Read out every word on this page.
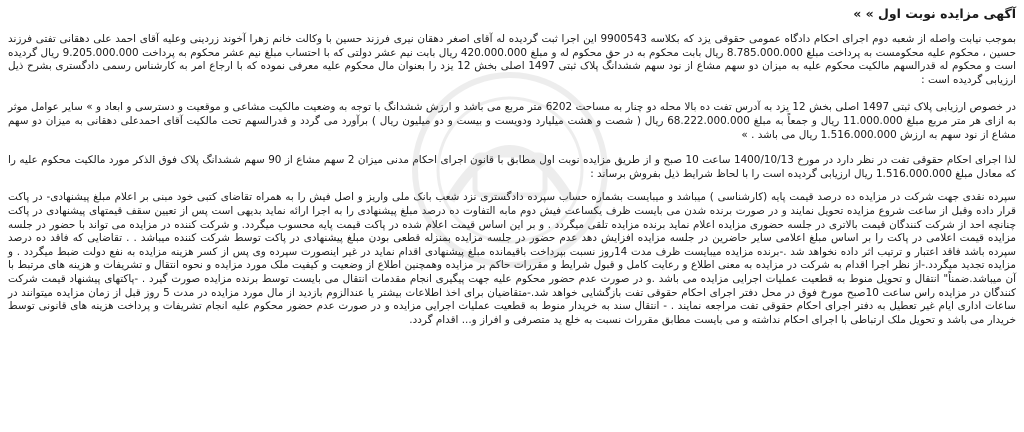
آگهی مزایده نوبت اول » »

بموجب نیابت واصله از شعبه دوم اجرای احکام دادگاه عمومی حقوقی یزد که بکلاسه 9900543 این اجرا ثبت گردیده له آقای اصغر دهقان نیری فرزند حسین با وکالت خانم زهرا آخوند زردینی وعلیه آقای احمد علی دهقانی تفتی فرزند حسین ، محکوم علیه محکومست به پرداخت مبلغ 8.785.000.000 ریال بابت محکوم به در حق محکوم له و مبلغ 420.000.000 ریال بابت نیم عشر دولتی که با احتساب مبلغ نیم عشر محکوم به پرداخت 9.205.000.000 ریال گردیده است و محکوم له قدرالسهم مالکیت محکوم علیه به میزان دو سهم مشاع از نود سهم ششدانگ پلاک ثبتی 1497 اصلی بخش 12 یزد را بعنوان مال محکوم علیه معرفی نموده که با ارجاع امر به کارشناس رسمی دادگستری بشرح ذیل ارزیابی گردیده است :

در خصوص ارزیابی پلاک ثبتی 1497 اصلی بخش 12 یزد به آدرس تفت ده بالا محله دو چنار به مساحت 6202 متر مربع می باشد و ارزش ششدانگ با توجه به وضعیت مالکیت مشاعی و موقعیت و دسترسی و ابعاد و » سایر عوامل موثر به ازای هر متر مربع مبلغ 11.000.000 ریال و جمعاً به مبلغ 68.222.000.000 ریال ( شصت و هشت میلیارد ودویست و بیست و دو میلیون ریال ) برآورد می گردد و قدرالسهم تحت مالکیت آقای احمدعلی دهقانی به میزان دو سهم مشاع از نود سهم به ارزش 1.516.000.000 ریال می باشد . »

لذا اجرای احکام حقوقی تفت در نظر دارد در مورخ 1400/10/13 ساعت 10 صبح و از طریق مزایده نوبت اول مطابق با قانون اجرای احکام مدنی میزان 2 سهم مشاع از 90 سهم ششدانگ پلاک فوق الذکر مورد مالکیت محکوم علیه را که معادل مبلغ 1.516.000.000 ریال ارزیابی گردیده است را با لحاظ شرایط ذیل بفروش برساند :

سپرده نقدی جهت شرکت در مزایده ده درصد قیمت پایه (کارشناسی ) میباشد و میبایست بشماره حساب سپرده دادگستری نزد شعب بانک ملی واریز و اصل فیش را به همراه تقاضای کتبی خود مبنی بر اعلام مبلغ پیشنهادی- در پاکت قرار داده وقبل از ساعت شروع مزایده تحویل نمایند و در صورت برنده شدن می بایست ظرف یکساعت فیش دوم مابه التفاوت ده درصد مبلغ پیشنهادی را به اجرا ارائه نماید بدیهی است پس از تعیین سقف قیمتهای پیشنهادی در پاکت چنانچه احد از شرکت کنندگان قیمت بالاتری در جلسه حضوری مزایده اعلام نماید برنده مزایده تلقی میگردد . و بر این اساس قیمت اعلام شده در پاکت قیمت پایه محسوب میگردد. و شرکت کننده در مزایده می تواند با حضور در جلسه مزایده قیمت اعلامی در پاکت را بر اساس مبلغ اعلامی سایر حاضرین در جلسه مزایده افزایش دهد عدم حضور در جلسه مزایده بمنزله قطعی بودن مبلغ پیشنهادی در پاکت توسط شرکت کننده میباشد . . تقاضایی که فاقد ده درصد سپرده باشد فاقد اعتبار و ترتیب اثر داده نخواهد شد .-برنده مزایده میبایست ظرف مدت 14روز نسبت بپرداخت باقیمانده مبلغ پیشنهادی اقدام نماید در غیر اینصورت سپرده وی پس از کسر هزینه مزایده به نفع دولت ضبط میگردد . و مزایده تجدید میگردد.-از نظر اجرا اقدام به شرکت در مزایده به معنی اطلاع و رعایت کامل و قبول شرایط و مقررات حاکم بر مزایده وهمچنین اطلاع از وضعیت و کیفیت ملک مورد مزایده و نحوه انتقال و تشریفات و هزینه های مرتبط با آن میباشد.ضمناً" انتقال و تحویل منوط به قطعیت عملیات اجرایی مزایده می باشد .و در صورت عدم حضور محکوم علیه جهت پیگیری انجام مقدمات انتقال می بایست توسط برنده مزایده صورت گیرد . -پاکتهای پیشنهاد قیمت شرکت کنندگان در مزایده راس ساعت 10صبح مورخ فوق در محل دفتر اجرای احکام حقوقی تفت بازگشایی خواهد شد.-متقاضیان برای اخذ اطلاعات بیشتر یا عندالزوم بازدید از مال مورد مزایده در مدت 5 روز قبل از زمان مزایده میتوانند در ساعات اداری ایام غیر تعطیل به دفتر اجرای احکام حقوقی تفت مراجعه نمایند . - انتقال سند به خریدار منوط به قطعیت عملیات اجرایی مزایده و در صورت عدم حضور محکوم علیه انجام تشریفات و پرداخت هزینه های قانونی توسط خریدار می باشد و تحویل ملک ارتباطی با اجرای احکام نداشته و می بایست مطابق مقررات نسبت به خلع ید متصرفی و افراز و... اقدام گردد.
